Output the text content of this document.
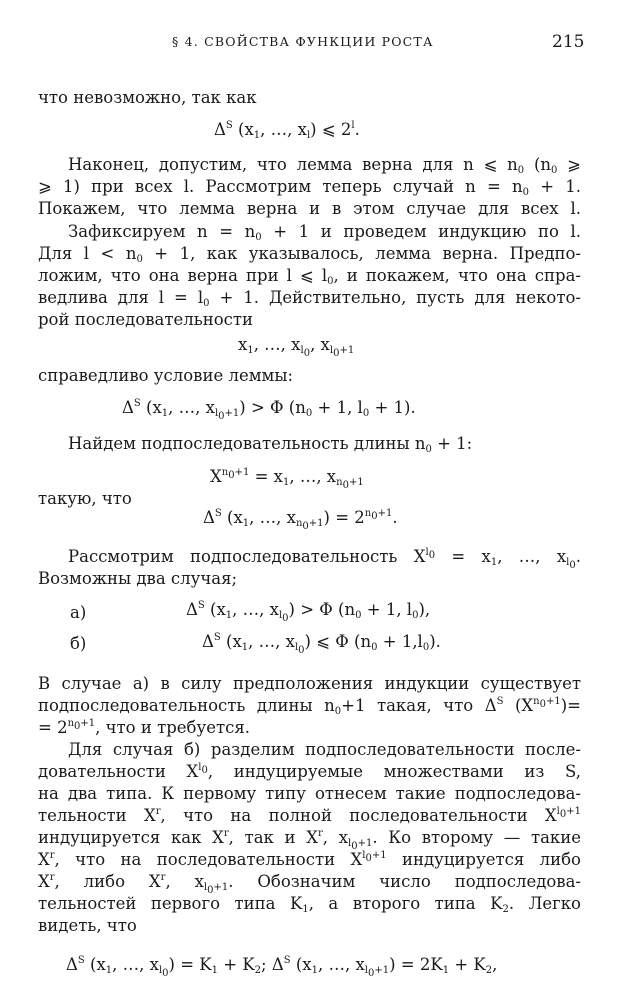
§ 4. СВОЙСТВА ФУНКЦИИ РОСТА	215
что невозможно, так как
$\Delta^S$ ($x_1$, …, $x_l$) ⩽ 2$^l$.
Наконец, допустим, что лемма верна для n ⩽ $n_0$ ($n_0$ ⩾
⩾ 1) при всех l. Рассмотрим теперь случай $n = n_0 + 1$.
Покажем, что лемма верна и в этом случае для всех l.
Зафиксируем $n = n_0 + 1$ и проведем индукцию по l.
Для $l < n_0 + 1$, как указывалось, лемма верна. Предпо-
ложим, что она верна при l ⩽ $l_0$, и покажем, что она спра-
ведлива для $l = l_0 + 1$. Действительно, пусть для некото-
рой последовательности
$x_1$, …, $x_{l_0}$, $x_{l_0+1}$
справедливо условие леммы:
$\Delta^S$ ($x_1$, …, $x_{l_0+1}) > \Phi$ ($n_0 + 1$, $l_0 + 1$).
Найдем подпоследовательность длины $n_0 + 1$:
$X^{n_0+1} = x_1$, …, $x_{n_0+1}$
такую, что
$\Delta^S$ ($x_1$, …, $x_{n_0+1}) = 2^{n_0+1}$.
Рассмотрим подпоследовательность $X^{l_0} = x_1$, …, $x_{l_0}$.
Возможны два случая;
а)	$\Delta^S$ ($x_1$, …, $x_{l_0}) > \Phi$ ($n_0 + 1$, $l_0$),
б)	$\Delta^S$ ($x_1$, …, $x_{l_0}$) ⩽ Φ $(n_0 + 1,l_0)$.
В случае а) в силу предположения индукции существует
подпоследовательность длины $n_0+1$ такая, что $\Delta^S$ $(X^{n_0+1})=$
= $2^{n_0+1}$, что и требуется.
Для случая б) разделим подпоследовательности после-
довательности $X^{l_0}$, индуцируемые множествами из S,
на два типа. К первому типу отнесем такие подпоследова-
тельности $X^r$, что на полной последовательности $X^{l_0+1}$
индуцируется как $X^r$, так и $X^r$, $x_{l_0+1}$. Ко второму — такие
$X^r$, что на последовательности $X^{l_0+1}$ индуцируется либо
$X^r$, либо $X^r$, $x_{l_0+1}$. Обозначим число подпоследова-
тельностей первого типа $K_1$, а второго типа $K_2$. Легко
видеть, что
$\Delta^S$ ($x_1$, …, $x_{l_0}) = K_1 + K_2$; $\Delta^S$ ($x_1$, …, $x_{l_0+1}) = 2K_1 + K_2$,
